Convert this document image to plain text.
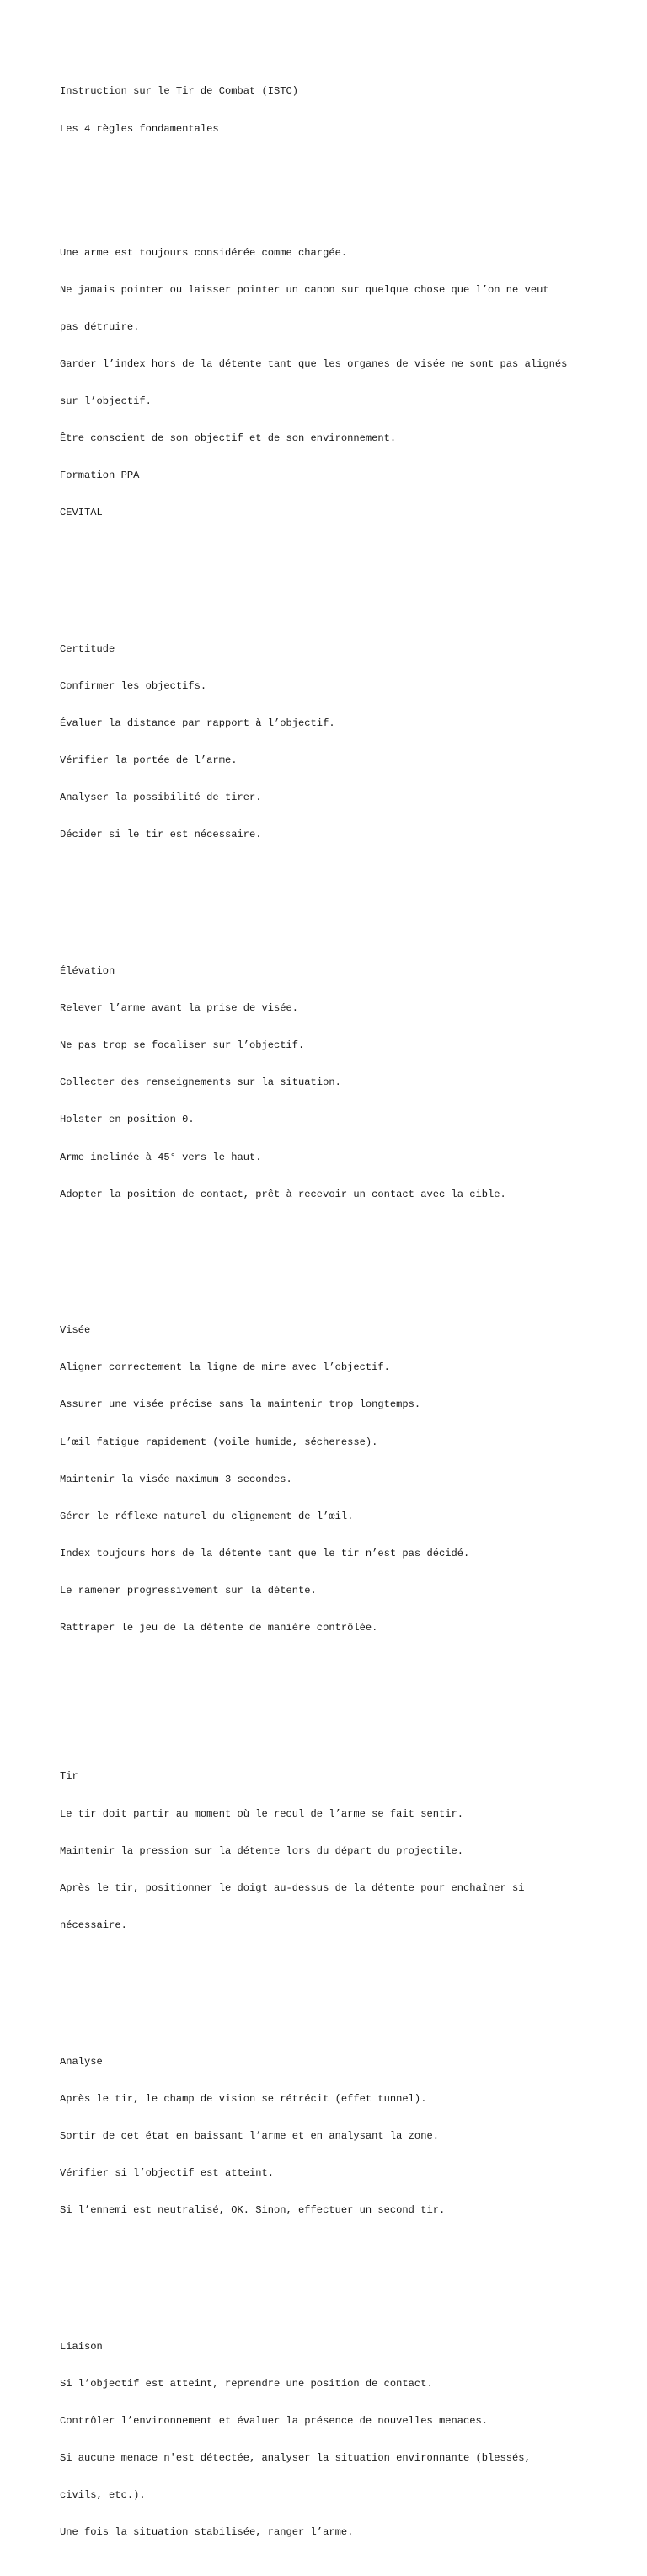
Instruction sur le Tir de Combat (ISTC)

Les 4 règles fondamentales

Une arme est toujours considérée comme chargée.

Ne jamais pointer ou laisser pointer un canon sur quelque chose que l’on ne veut

pas détruire.

Garder l’index hors de la détente tant que les organes de visée ne sont pas alignés

sur l’objectif.

Être conscient de son objectif et de son environnement.

Formation PPA

CEVITAL

Certitude

Confirmer les objectifs.

Évaluer la distance par rapport à l’objectif.

Vérifier la portée de l’arme.

Analyser la possibilité de tirer.

Décider si le tir est nécessaire.

Élévation

Relever l’arme avant la prise de visée.

Ne pas trop se focaliser sur l’objectif.

Collecter des renseignements sur la situation.

Holster en position 0.

Arme inclinée à 45° vers le haut.

Adopter la position de contact, prêt à recevoir un contact avec la cible.

Visée

Aligner correctement la ligne de mire avec l’objectif.

Assurer une visée précise sans la maintenir trop longtemps.

L’œil fatigue rapidement (voile humide, sécheresse).

Maintenir la visée maximum 3 secondes.

Gérer le réflexe naturel du clignement de l’œil.

Index toujours hors de la détente tant que le tir n’est pas décidé.

Le ramener progressivement sur la détente.

Rattraper le jeu de la détente de manière contrôlée.

Tir

Le tir doit partir au moment où le recul de l’arme se fait sentir.

Maintenir la pression sur la détente lors du départ du projectile.

Après le tir, positionner le doigt au-dessus de la détente pour enchaîner si

nécessaire.

Analyse

Après le tir, le champ de vision se rétrécit (effet tunnel).

Sortir de cet état en baissant l’arme et en analysant la zone.

Vérifier si l’objectif est atteint.

Si l’ennemi est neutralisé, OK. Sinon, effectuer un second tir.

Liaison

Si l’objectif est atteint, reprendre une position de contact.

Contrôler l’environnement et évaluer la présence de nouvelles menaces.

Si aucune menace n'est détectée, analyser la situation environnante (blessés,

civils, etc.).

Une fois la situation stabilisée, ranger l’arme.
